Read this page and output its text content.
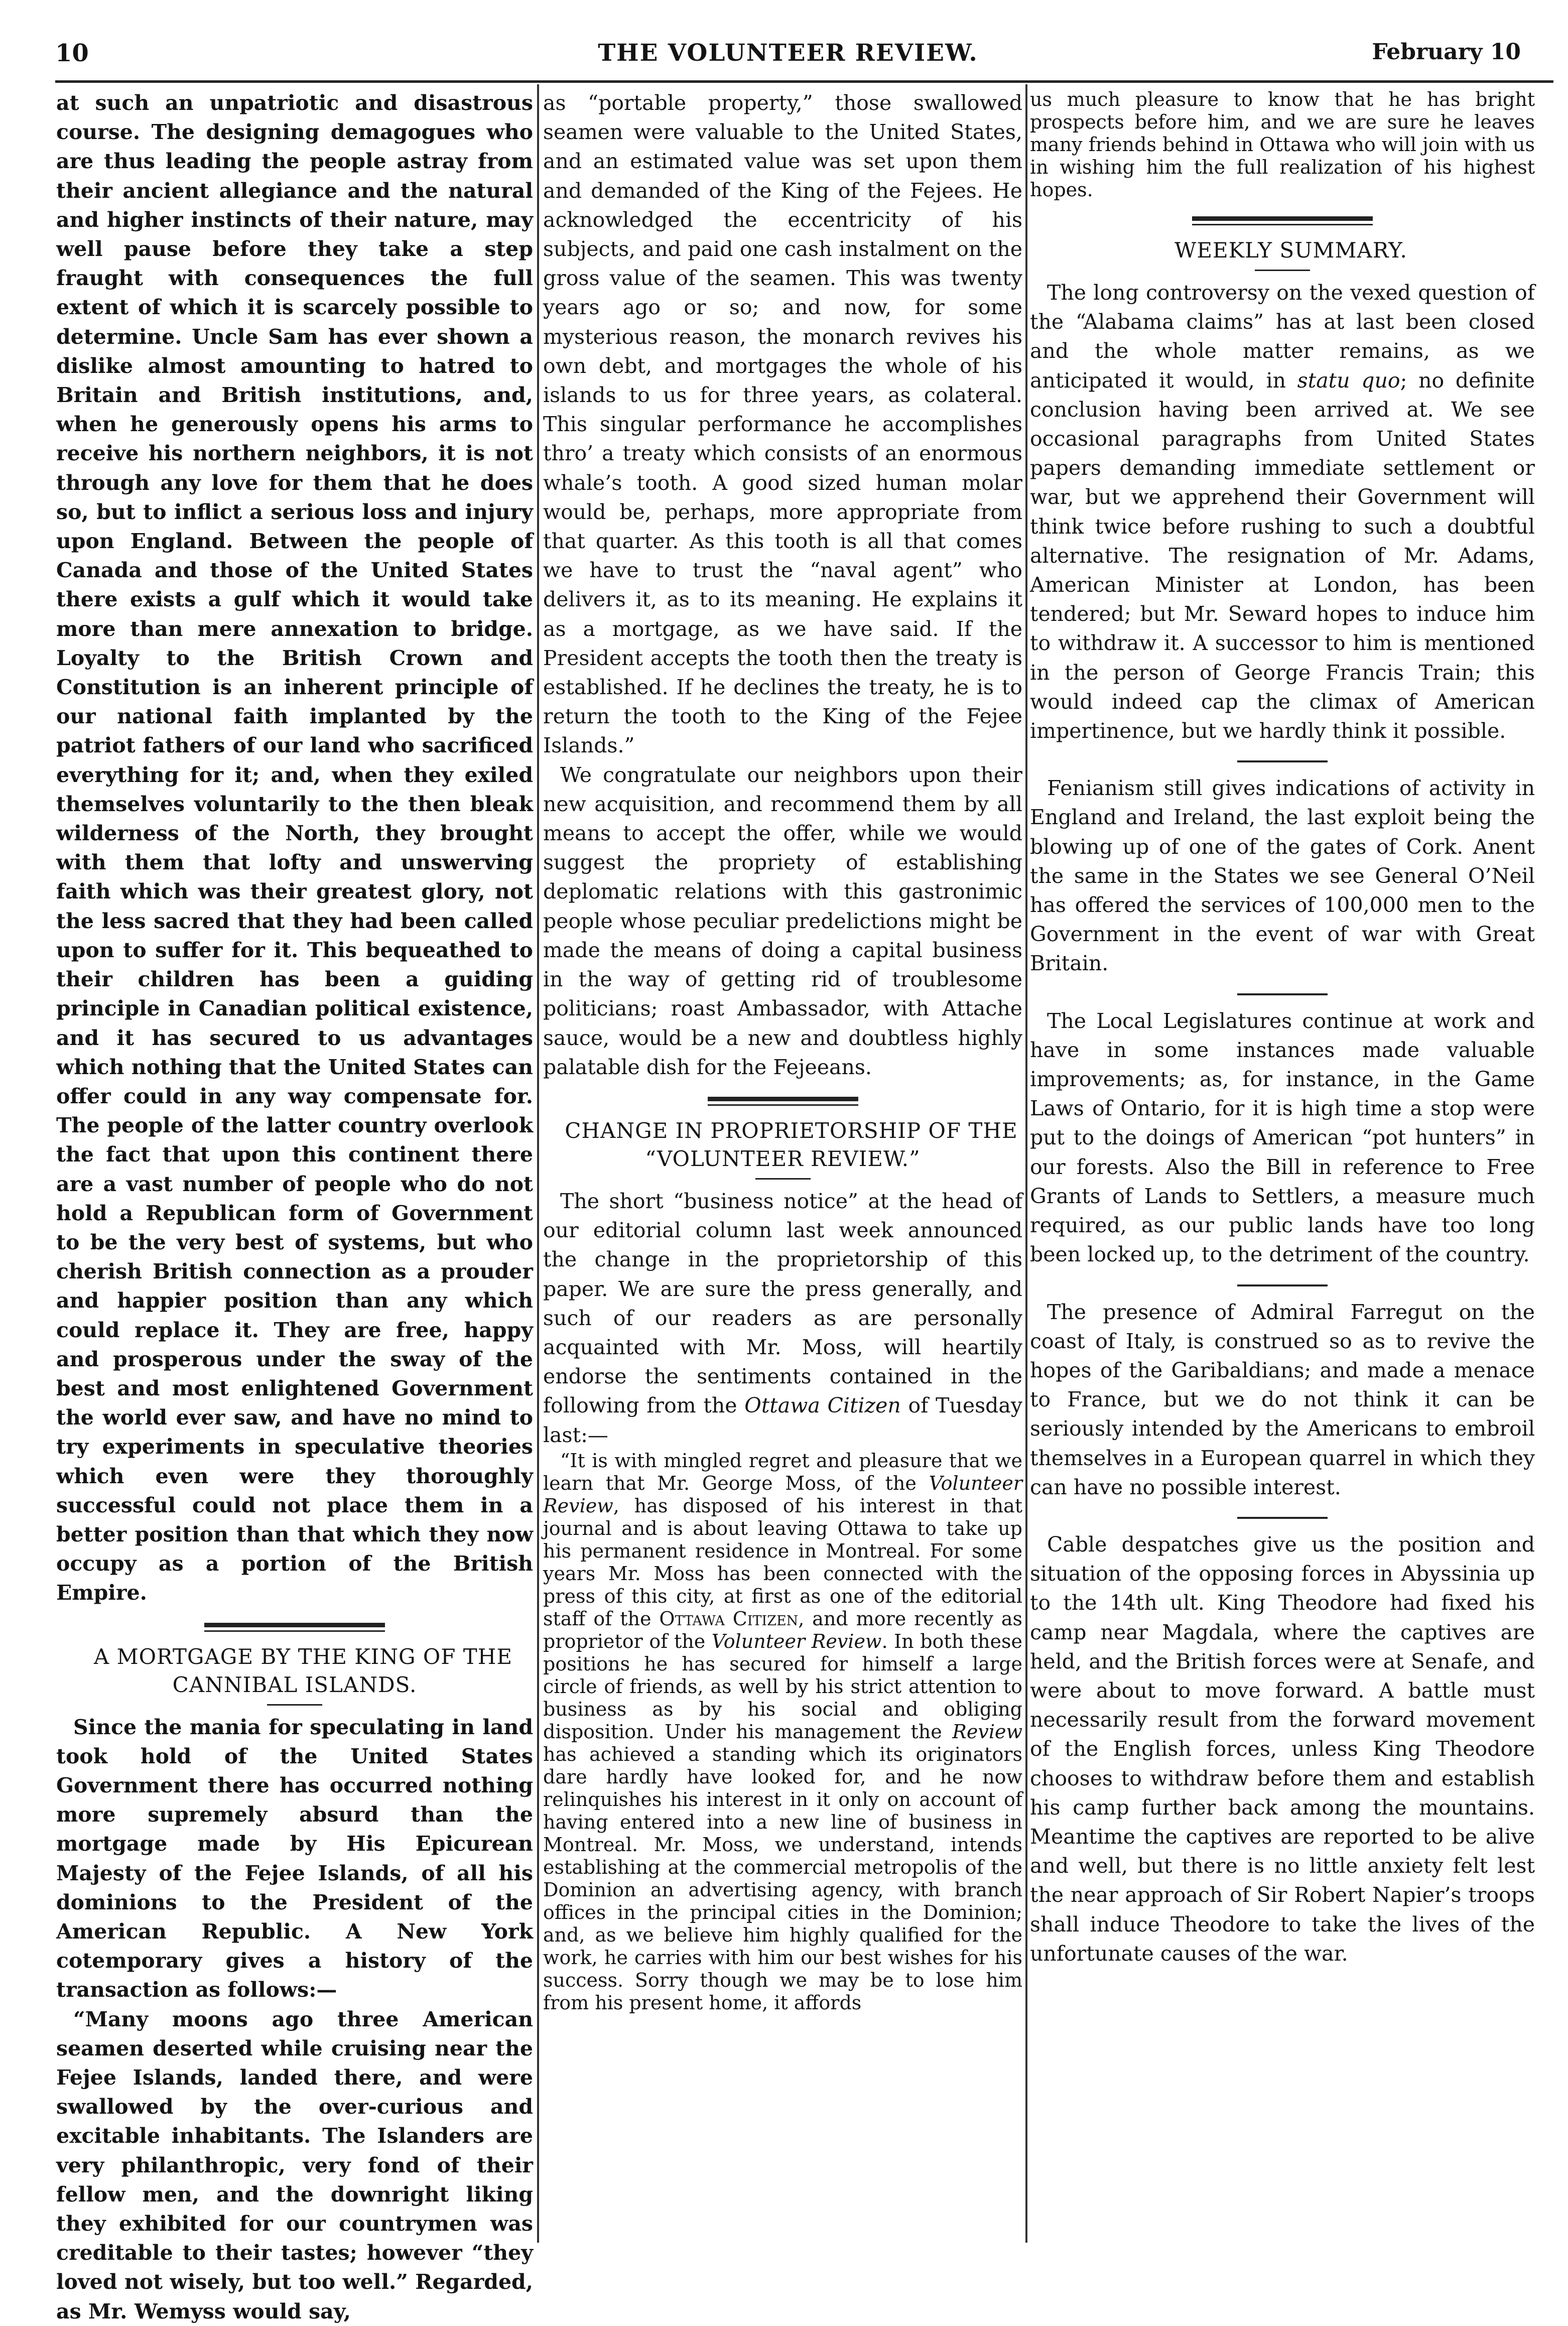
10	THE VOLUNTEER REVIEW.	February 10

at such an unpatriotic and disastrous course. The designing demagogues who are thus leading the people astray from their ancient allegiance and the natural and higher instincts of their nature, may well pause before they take a step fraught with consequences the full extent of which it is scarcely possible to determine. Uncle Sam has ever shown a dislike almost amounting to hatred to Britain and British institutions, and, when he generously opens his arms to receive his northern neighbors, it is not through any love for them that he does so, but to inflict a serious loss and injury upon England. Between the people of Canada and those of the United States there exists a gulf which it would take more than mere annexation to bridge. Loyalty to the British Crown and Constitution is an inherent principle of our national faith implanted by the patriot fathers of our land who sacrificed everything for it; and, when they exiled themselves voluntarily to the then bleak wilderness of the North, they brought with them that lofty and unswerving faith which was their greatest glory, not the less sacred that they had been called upon to suffer for it. This bequeathed to their children has been a guiding principle in Canadian political existence, and it has secured to us advantages which nothing that the United States can offer could in any way compensate for. The people of the latter country overlook the fact that upon this continent there are a vast number of people who do not hold a Republican form of Government to be the very best of systems, but who cherish British connection as a prouder and happier position than any which could replace it. They are free, happy and prosperous under the sway of the best and most enlightened Government the world ever saw, and have no mind to try experiments in speculative theories which even were they thoroughly successful could not place them in a better position than that which they now occupy as a portion of the British Empire.

A MORTGAGE BY THE KING OF THE CANNIBAL ISLANDS.

Since the mania for speculating in land took hold of the United States Government there has occurred nothing more supremely absurd than the mortgage made by His Epicurean Majesty of the Fejee Islands, of all his dominions to the President of the American Republic. A New York cotemporary gives a history of the transaction as follows:—

“Many moons ago three American seamen deserted while cruising near the Fejee Islands, landed there, and were swallowed by the over-curious and excitable inhabitants. The Islanders are very philanthropic, very fond of their fellow men, and the downright liking they exhibited for our countrymen was creditable to their tastes; however “they loved not wisely, but too well.” Regarded, as Mr. Wemyss would say,

as “portable property,” those swallowed seamen were valuable to the United States, and an estimated value was set upon them and demanded of the King of the Fejees. He acknowledged the eccentricity of his subjects, and paid one cash instalment on the gross value of the seamen. This was twenty years ago or so; and now, for some mysterious reason, the monarch revives his own debt, and mortgages the whole of his islands to us for three years, as colateral. This singular performance he accomplishes thro’ a treaty which consists of an enormous whale’s tooth. A good sized human molar would be, perhaps, more appropriate from that quarter. As this tooth is all that comes we have to trust the “naval agent” who delivers it, as to its meaning. He explains it as a mortgage, as we have said. If the President accepts the tooth then the treaty is established. If he declines the treaty, he is to return the tooth to the King of the Fejee Islands.”

We congratulate our neighbors upon their new acquisition, and recommend them by all means to accept the offer, while we would suggest the propriety of establishing deplomatic relations with this gastronimic people whose peculiar predelictions might be made the means of doing a capital business in the way of getting rid of troublesome politicians; roast Ambassador, with Attache sauce, would be a new and doubtless highly palatable dish for the Fejeeans.

CHANGE IN PROPRIETORSHIP OF THE “VOLUNTEER REVIEW.”

The short “business notice” at the head of our editorial column last week announced the change in the proprietorship of this paper. We are sure the press generally, and such of our readers as are personally acquainted with Mr. Moss, will heartily endorse the sentiments contained in the following from the Ottawa Citizen of Tuesday last:—

“It is with mingled regret and pleasure that we learn that Mr. George Moss, of the Volunteer Review, has disposed of his interest in that journal and is about leaving Ottawa to take up his permanent residence in Montreal. For some years Mr. Moss has been connected with the press of this city, at first as one of the editorial staff of the Ottawa Citizen, and more recently as proprietor of the Volunteer Review. In both these positions he has secured for himself a large circle of friends, as well by his strict attention to business as by his social and obliging disposition. Under his management the Review has achieved a standing which its originators dare hardly have looked for, and he now relinquishes his interest in it only on account of having entered into a new line of business in Montreal. Mr. Moss, we understand, intends establishing at the commercial metropolis of the Dominion an advertising agency, with branch offices in the principal cities in the Dominion; and, as we believe him highly qualified for the work, he carries with him our best wishes for his success. Sorry though we may be to lose him from his present home, it affords

us much pleasure to know that he has bright prospects before him, and we are sure he leaves many friends behind in Ottawa who will join with us in wishing him the full realization of his highest hopes.

WEEKLY SUMMARY.

The long controversy on the vexed question of the “Alabama claims” has at last been closed and the whole matter remains, as we anticipated it would, in statu quo; no definite conclusion having been arrived at. We see occasional paragraphs from United States papers demanding immediate settlement or war, but we apprehend their Government will think twice before rushing to such a doubtful alternative. The resignation of Mr. Adams, American Minister at London, has been tendered; but Mr. Seward hopes to induce him to withdraw it. A successor to him is mentioned in the person of George Francis Train; this would indeed cap the climax of American impertinence, but we hardly think it possible.

Fenianism still gives indications of activity in England and Ireland, the last exploit being the blowing up of one of the gates of Cork. Anent the same in the States we see General O’Neil has offered the services of 100,000 men to the Government in the event of war with Great Britain.

The Local Legislatures continue at work and have in some instances made valuable improvements; as, for instance, in the Game Laws of Ontario, for it is high time a stop were put to the doings of American “pot hunters” in our forests. Also the Bill in reference to Free Grants of Lands to Settlers, a measure much required, as our public lands have too long been locked up, to the detriment of the country.

The presence of Admiral Farregut on the coast of Italy, is construed so as to revive the hopes of the Garibaldians; and made a menace to France, but we do not think it can be seriously intended by the Americans to embroil themselves in a European quarrel in which they can have no possible interest.

Cable despatches give us the position and situation of the opposing forces in Abyssinia up to the 14th ult. King Theodore had fixed his camp near Magdala, where the captives are held, and the British forces were at Senafe, and were about to move forward. A battle must necessarily result from the forward movement of the English forces, unless King Theodore chooses to withdraw before them and establish his camp further back among the mountains. Meantime the captives are reported to be alive and well, but there is no little anxiety felt lest the near approach of Sir Robert Napier’s troops shall induce Theodore to take the lives of the unfortunate causes of the war.
